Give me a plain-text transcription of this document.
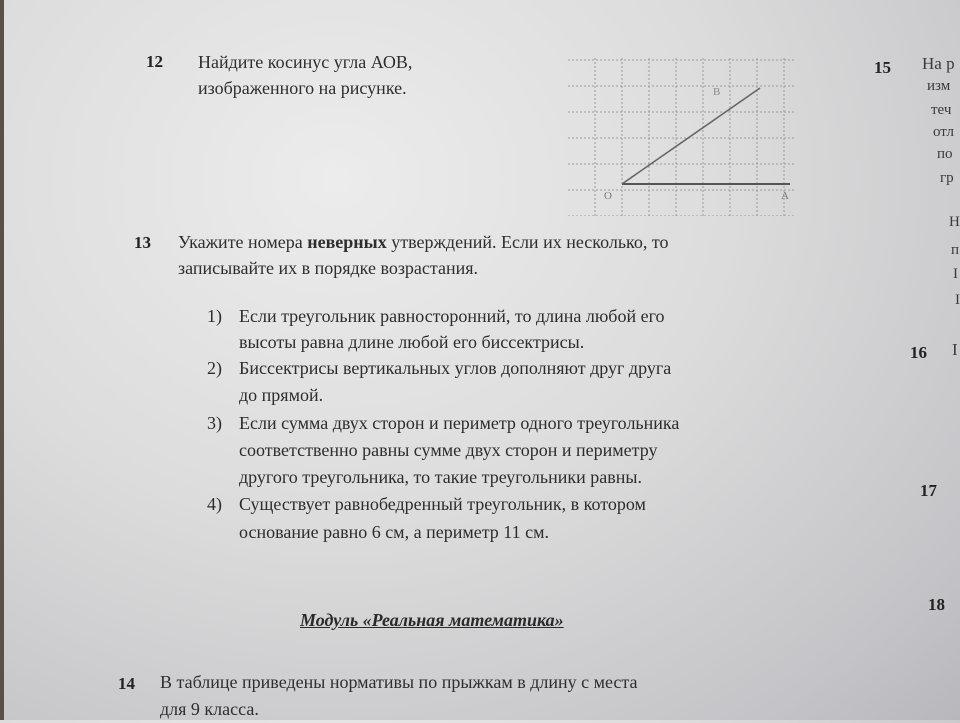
12 Найдите косинус угла АОВ,
изображенного на рисунке.
O	A
B
13 Укажите номера неверных утверждений. Если их несколько, то
записывайте их в порядке возрастания.
1) Если треугольник равносторонний, то длина любой его
высоты равна длине любой его биссектрисы.
2) Биссектрисы вертикальных углов дополняют друг друга
до прямой.
3) Если сумма двух сторон и периметр одного треугольника
соответственно равны сумме двух сторон и периметру
другого треугольника, то такие треугольники равны.
4) Существует равнобедренный треугольник, в котором
основание равно 6 см, а периметр 11 см.
Модуль «Реальная математика»
14 В таблице приведены нормативы по прыжкам в длину с места
для 9 класса.
15 На р
изм
теч
отл
по
гр
Н
п
I
I
16 I
17
18
